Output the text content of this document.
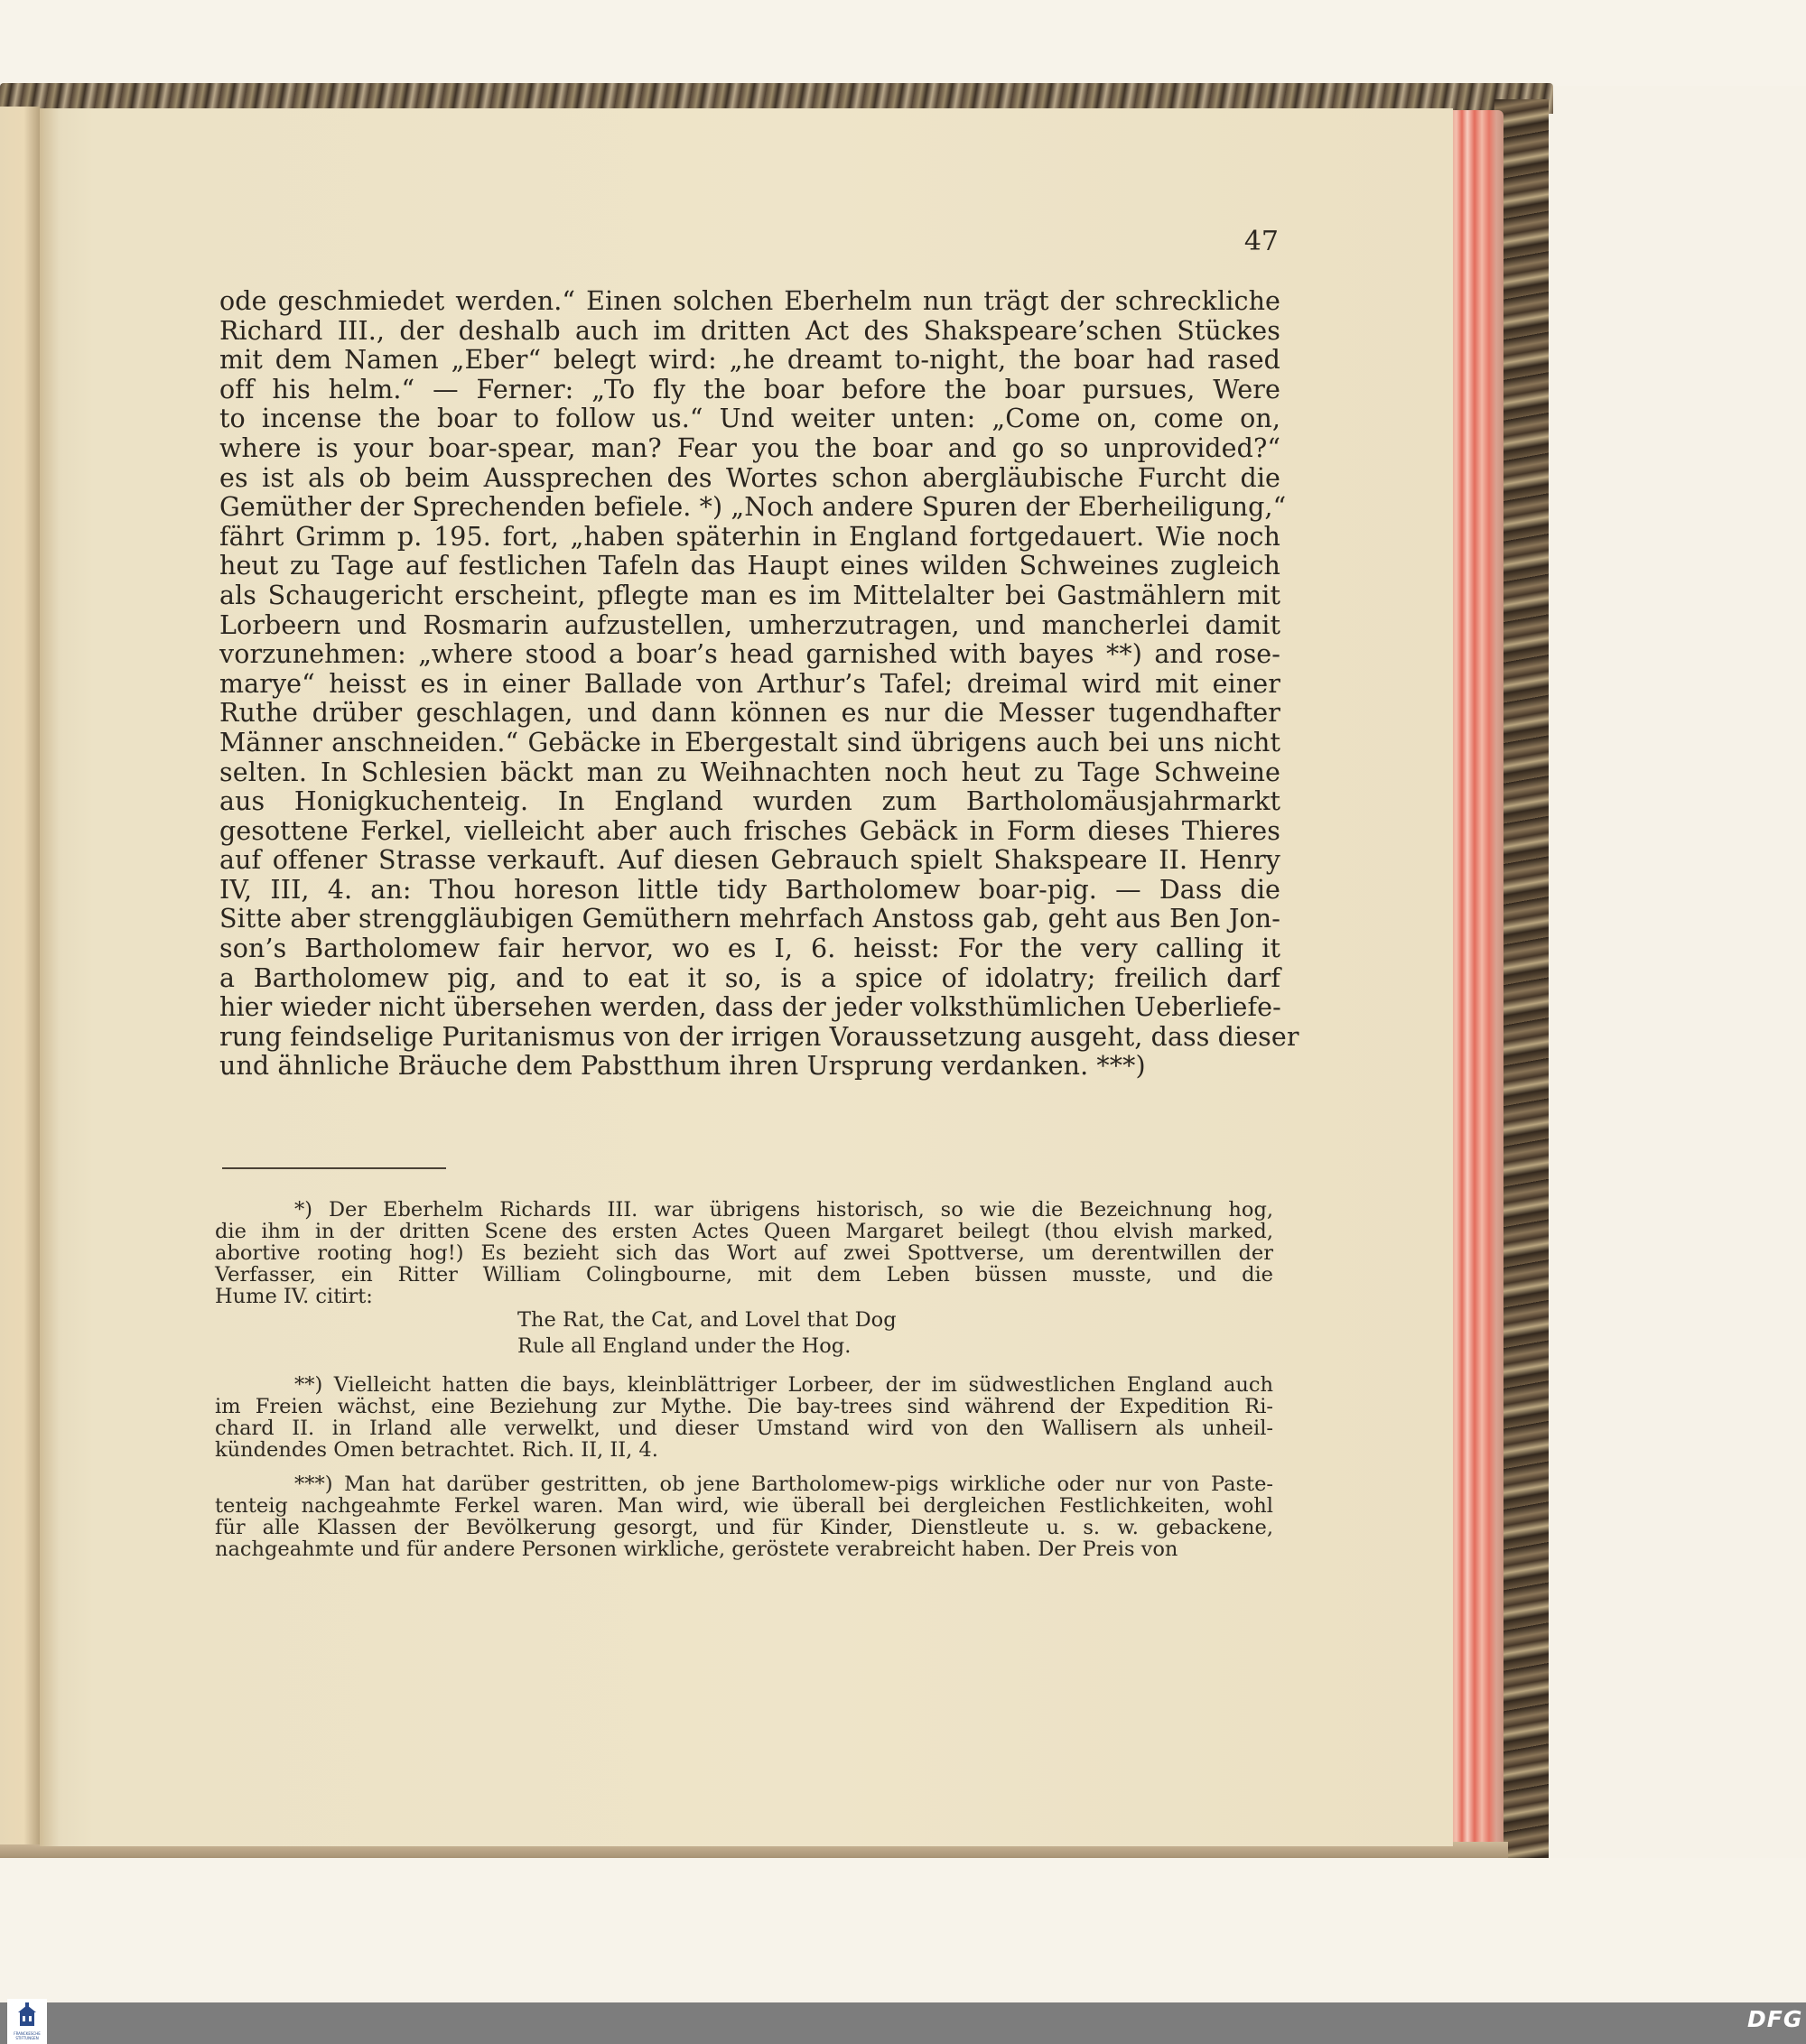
47
ode geschmiedet werden.“ Einen solchen Eberhelm nun trägt der schreckliche
Richard III., der deshalb auch im dritten Act des Shakspeare’schen Stückes
mit dem Namen „Eber“ belegt wird: „he dreamt to-night, the boar had rased
off his helm.“ — Ferner: „To fly the boar before the boar pursues, Were
to incense the boar to follow us.“ Und weiter unten: „Come on, come on,
where is your boar-spear, man? Fear you the boar and go so unprovided?“
es ist als ob beim Aussprechen des Wortes schon abergläubische Furcht die
Gemüther der Sprechenden befiele. *) „Noch andere Spuren der Eberheiligung,“
fährt Grimm p. 195. fort, „haben späterhin in England fortgedauert. Wie noch
heut zu Tage auf festlichen Tafeln das Haupt eines wilden Schweines zugleich
als Schaugericht erscheint, pflegte man es im Mittelalter bei Gastmählern mit
Lorbeern und Rosmarin aufzustellen, umherzutragen, und mancherlei damit
vorzunehmen: „where stood a boar’s head garnished with bayes **) and rose-
marye“ heisst es in einer Ballade von Arthur’s Tafel; dreimal wird mit einer
Ruthe drüber geschlagen, und dann können es nur die Messer tugendhafter
Männer anschneiden.“ Gebäcke in Ebergestalt sind übrigens auch bei uns nicht
selten. In Schlesien bäckt man zu Weihnachten noch heut zu Tage Schweine
aus Honigkuchenteig. In England wurden zum Bartholomäusjahrmarkt
gesottene Ferkel, vielleicht aber auch frisches Gebäck in Form dieses Thieres
auf offener Strasse verkauft. Auf diesen Gebrauch spielt Shakspeare II. Henry
IV, III, 4. an: Thou horeson little tidy Bartholomew boar-pig. — Dass die
Sitte aber strenggläubigen Gemüthern mehrfach Anstoss gab, geht aus Ben Jon-
son’s Bartholomew fair hervor, wo es I, 6. heisst: For the very calling it
a Bartholomew pig, and to eat it so, is a spice of idolatry; freilich darf
hier wieder nicht übersehen werden, dass der jeder volksthümlichen Ueberliefe-
rung feindselige Puritanismus von der irrigen Voraussetzung ausgeht, dass dieser
und ähnliche Bräuche dem Pabstthum ihren Ursprung verdanken. ***)
*) Der Eberhelm Richards III. war übrigens historisch, so wie die Bezeichnung hog,
die ihm in der dritten Scene des ersten Actes Queen Margaret beilegt (thou elvish marked,
abortive rooting hog!) Es bezieht sich das Wort auf zwei Spottverse, um derentwillen der
Verfasser, ein Ritter William Colingbourne, mit dem Leben büssen musste, und die
Hume IV. citirt:
The Rat, the Cat, and Lovel that Dog
Rule all England under the Hog.
**) Vielleicht hatten die bays, kleinblättriger Lorbeer, der im südwestlichen England auch
im Freien wächst, eine Beziehung zur Mythe. Die bay-trees sind während der Expedition Ri-
chard II. in Irland alle verwelkt, und dieser Umstand wird von den Wallisern als unheil-
kündendes Omen betrachtet. Rich. II, II, 4.
***) Man hat darüber gestritten, ob jene Bartholomew-pigs wirkliche oder nur von Paste-
tenteig nachgeahmte Ferkel waren. Man wird, wie überall bei dergleichen Festlichkeiten, wohl
für alle Klassen der Bevölkerung gesorgt, und für Kinder, Dienstleute u. s. w. gebackene,
nachgeahmte und für andere Personen wirkliche, geröstete verabreicht haben. Der Preis von
FRANCKESCHE STIFTUNGEN
DFG
